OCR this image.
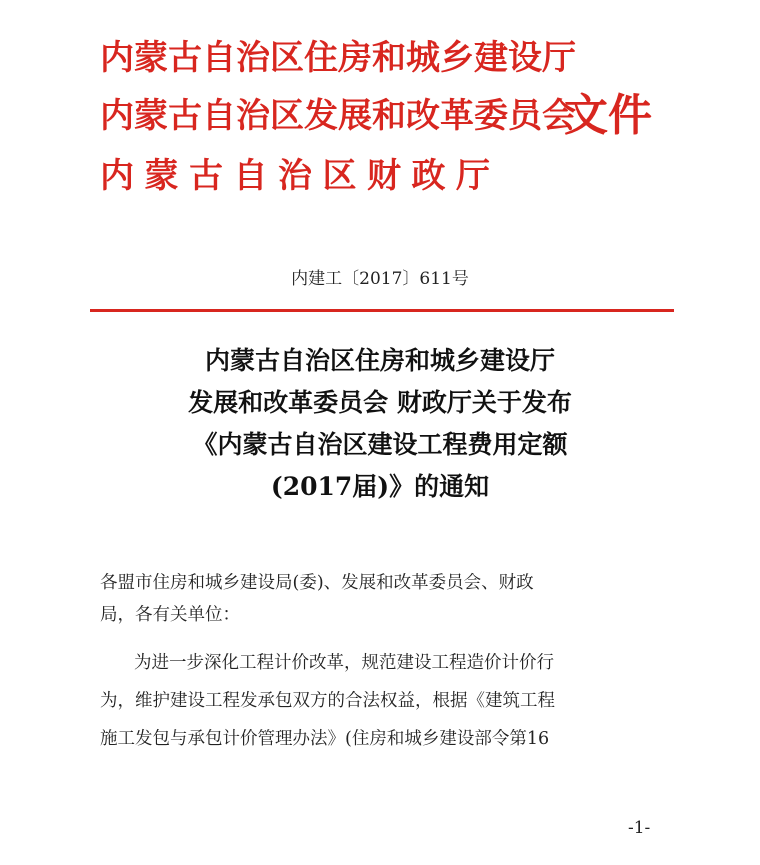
内蒙古自治区住房和城乡建设厅
内蒙古自治区发展和改革委员会
内蒙古自治区财政厅
文件
内建工〔2017〕611号
内蒙古自治区住房和城乡建设厅
发展和改革委员会 财政厅关于发布
《内蒙古自治区建设工程费用定额
(2017届)》的通知
各盟市住房和城乡建设局(委)、发展和改革委员会、财政
局，各有关单位：
为进一步深化工程计价改革，规范建设工程造价计价行
为，维护建设工程发承包双方的合法权益，根据《建筑工程
施工发包与承包计价管理办法》(住房和城乡建设部令第16
-1-
